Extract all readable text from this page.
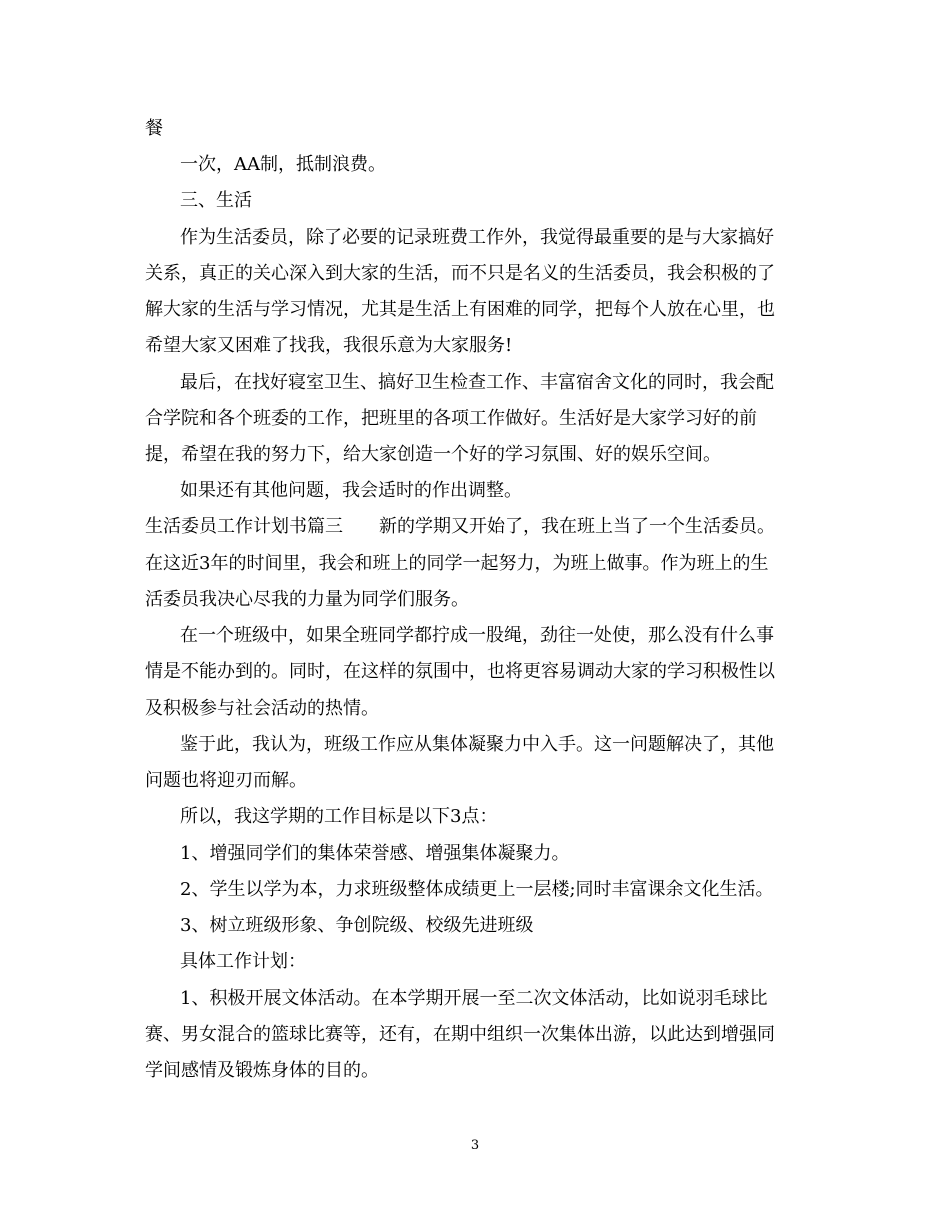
餐
一次，AA制，抵制浪费。
三、生活
作为生活委员，除了必要的记录班费工作外，我觉得最重要的是与大家搞好
关系，真正的关心深入到大家的生活，而不只是名义的生活委员，我会积极的了
解大家的生活与学习情况，尤其是生活上有困难的同学，把每个人放在心里，也
希望大家又困难了找我，我很乐意为大家服务!
最后，在找好寝室卫生、搞好卫生检查工作、丰富宿舍文化的同时，我会配
合学院和各个班委的工作，把班里的各项工作做好。生活好是大家学习好的前
提，希望在我的努力下，给大家创造一个好的学习氛围、好的娱乐空间。
如果还有其他问题，我会适时的作出调整。
生活委员工作计划书篇三　　新的学期又开始了，我在班上当了一个生活委员。
在这近3年的时间里，我会和班上的同学一起努力，为班上做事。作为班上的生
活委员我决心尽我的力量为同学们服务。
在一个班级中，如果全班同学都拧成一股绳，劲往一处使，那么没有什么事
情是不能办到的。同时，在这样的氛围中，也将更容易调动大家的学习积极性以
及积极参与社会活动的热情。
鉴于此，我认为，班级工作应从集体凝聚力中入手。这一问题解决了，其他
问题也将迎刃而解。
所以，我这学期的工作目标是以下3点：
1、增强同学们的集体荣誉感、增强集体凝聚力。
2、学生以学为本，力求班级整体成绩更上一层楼;同时丰富课余文化生活。
3、树立班级形象、争创院级、校级先进班级
具体工作计划：
1、积极开展文体活动。在本学期开展一至二次文体活动，比如说羽毛球比
赛、男女混合的篮球比赛等，还有，在期中组织一次集体出游，以此达到增强同
学间感情及锻炼身体的目的。
3
